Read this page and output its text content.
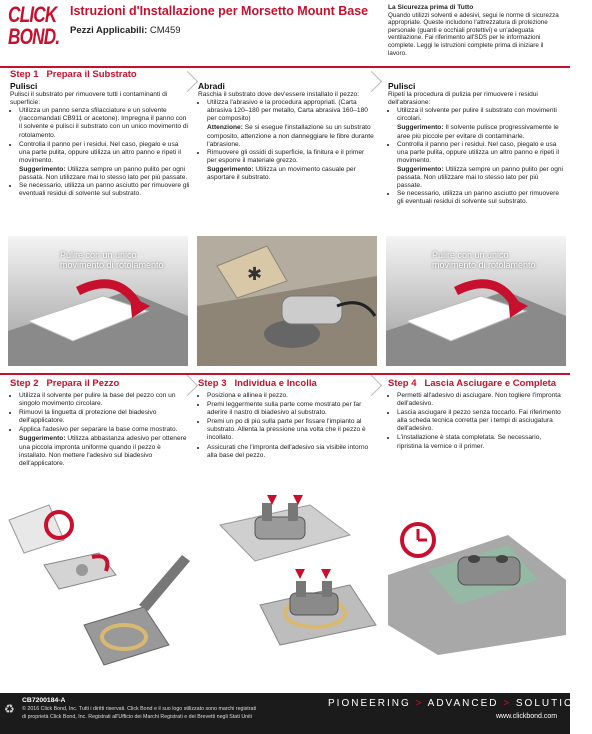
CLICK
BOND.
Istruzioni d'Installazione per Morsetto Mount Base
Pezzi Applicabili: CM459
La Sicurezza prima di Tutto
Quando utilizzi solventi e adesivi, segui le norme di sicurezza appropriate. Queste includono l'attrezzatura di protezione personale (guanti e occhiali protettivi) e un'adeguata ventilazione. Fai riferimento all'SDS per le informazioni complete. Leggi le istruzioni complete prima di iniziare il lavoro.
Step 1 Prepara il Substrato
Pulisci
Pulisci il substrato per rimuovere tutti i contaminanti di superficie:
• Utilizza un panno senza sfilacciature e un solvente (raccomandati CB911 or acetone). Impregna il panno con il solvente e pulisci il substrato con un unico movimento di rotolamento.
• Controlla il panno per i residui. Nel caso, piegalo e usa una parte pulita, oppure utilizza un altro panno e ripeti il movimento.
Suggerimento: Utilizza sempre un panno pulito per ogni passata. Non utilizzare mai lo stesso lato per più passate.
• Se necessario, utilizza un panno asciutto per rimuovere gli eventuali residui di solvente sul substrato.
Abradi
Raschia il substrato dove dev'essere installato il pezzo:
• Utilizza l'abrasivo e la procedura appropriati. (Carta abrasiva 120–180 per metallo, Carta abrasiva 160–180 per composito)
Attenzione: Se si esegue l'installazione su un substrato composito, attenzione a non danneggiare le fibre durante l'abrasione.
• Rimuovere gli ossidi di superficie, la finitura e il primer per esporre il materiale grezzo.
Suggerimento: Utilizza un movimento casuale per asportare il substrato.
Pulisci
Ripeti la procedura di pulizia per rimuovere i residui dell'abrasione:
• Utilizza il solvente per pulire il substrato con movimenti circolari.
Suggerimento: Il solvente pulisce progressivamente le aree più piccole per evitare di contaminarle.
• Controlla il panno per i residui. Nel caso, piegalo e usa una parte pulita, oppure utilizza un altro panno e ripeti il movimento.
Suggerimento: Utilizza sempre un panno pulito per ogni passata. Non utilizzare mai lo stesso lato per più passate.
• Se necessario, utilizza un panno asciutto per rimuovere gli eventuali residui di solvente sul substrato.
Pulire con un unico
movimento di rotolamento	✱
Pulire con un unico
movimento di rotolamento
Step 2 Prepara il Pezzo
• Utilizza il solvente per pulire la base del pezzo con un singolo movimento circolare.
• Rimuovi la linguetta di protezione del biadesivo dell'applicatore.
• Applica l'adesivo per separare la base come mostrato.
Suggerimento: Utilizza abbastanza adesivo per ottenere una piccola impronta uniforme quando il pezzo è installato. Non mettere l'adesivo sul biadesivo dell'applicatore.
Step 3 Individua e Incolla
• Posiziona e allinea il pezzo.
• Premi leggermente sulla parte come mostrato per far aderire il nastro di biadesivo al substrato.
• Premi un po di più sulla parte per fissare l'impianto al substrato. Allenta la pressione una volta che il pezzo è incollato.
• Assicurati che l'impronta dell'adesivo sia visibile intorno alla base del pezzo.
Step 4 Lascia Asciugare e Completa
• Permetti all'adesivo di asciugare. Non togliere l'impronta dell'adesivo.
• Lascia asciugare il pezzo senza toccarlo. Fai riferimento alla scheda tecnica corretta per i tempi di asciugatura dell'adesivo.
• L'installazione è stata completata. Se necessario, ripristina la vernice o il primer.
♻
CB7200184-A
© 2016 Click Bond, Inc. Tutti i diritti riservati. Click Bond e il suo logo stilizzato sono marchi registrati
di proprietà Click Bond, Inc. Registrati all'Ufficio dei Marchi Registrati e dei Brevetti negli Stati Uniti
PIONEERING > ADVANCED > SOLUTIONS
www.clickbond.com
